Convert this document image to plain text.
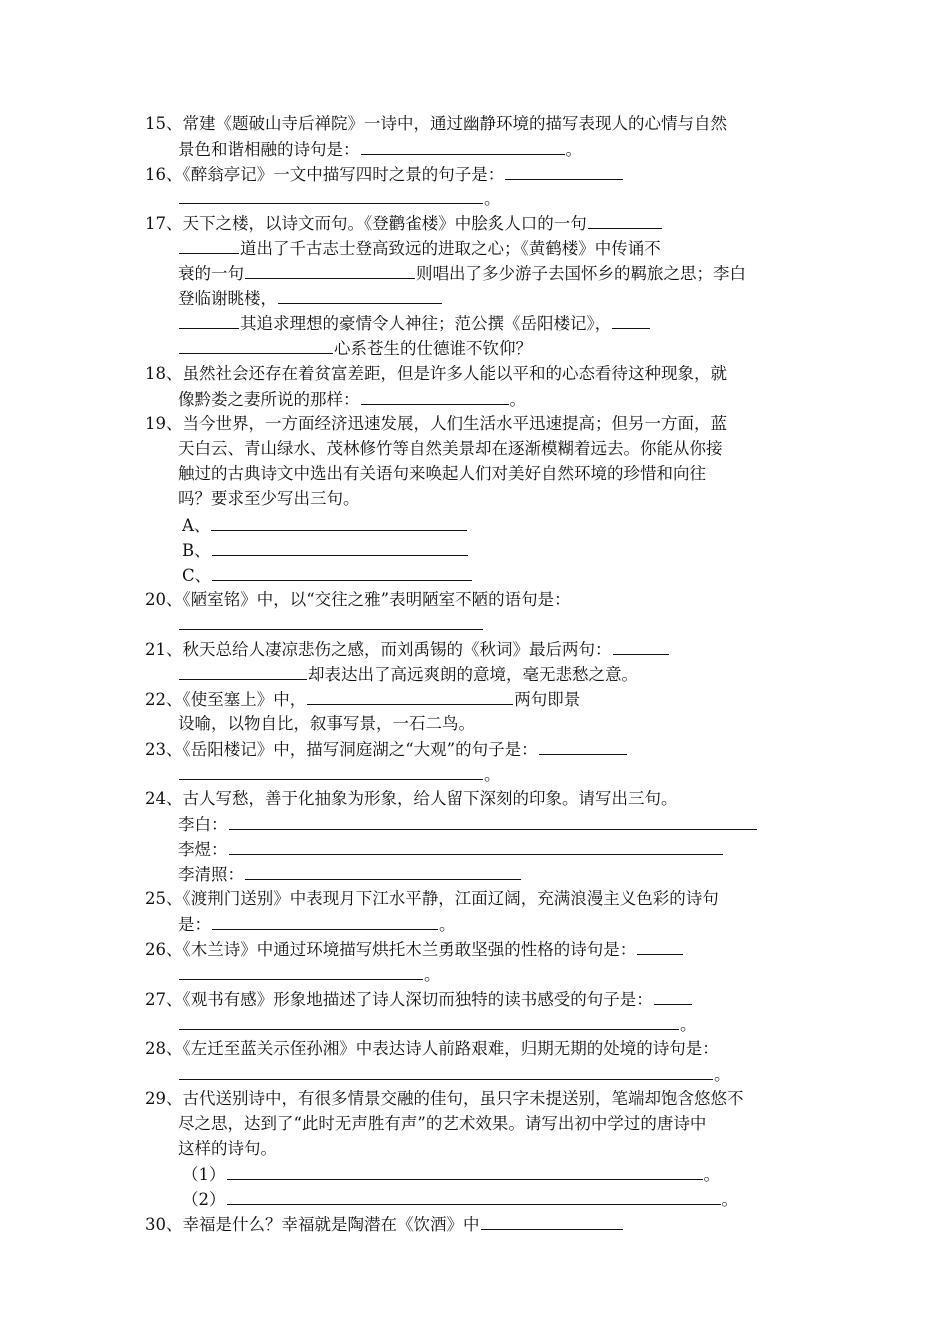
15、常建《题破山寺后禅院》一诗中，通过幽静环境的描写表现人的心情与自然
景色和谐相融的诗句是：	。
16、《醉翁亭记》一文中描写四时之景的句子是：
。
17、天下之楼，以诗文而句。《登鹳雀楼》中脍炙人口的一句
道出了千古志士登高致远的进取之心；《黄鹤楼》中传诵不
衰的一句	则唱出了多少游子去国怀乡的羁旅之思；李白
登临谢眺楼，
其追求理想的豪情令人神往；范公撰《岳阳楼记》，
心系苍生的仕德谁不钦仰？
18、虽然社会还存在着贫富差距，但是许多人能以平和的心态看待这种现象，就
像黔娄之妻所说的那样：	。
19、当今世界，一方面经济迅速发展，人们生活水平迅速提高；但另一方面，蓝
天白云、青山绿水、茂林修竹等自然美景却在逐渐模糊着远去。你能从你接
触过的古典诗文中选出有关语句来唤起人们对美好自然环境的珍惜和向往
吗？要求至少写出三句。
A、
B、
C、
20、《陋室铭》中，以“交往之雅”表明陋室不陋的语句是：
21、秋天总给人凄凉悲伤之感，而刘禹锡的《秋词》最后两句：
却表达出了高远爽朗的意境，毫无悲愁之意。
22、《使至塞上》中，	两句即景
设喻，以物自比，叙事写景，一石二鸟。
23、《岳阳楼记》中，描写洞庭湖之“大观”的句子是：
。
24、古人写愁，善于化抽象为形象，给人留下深刻的印象。请写出三句。
李白：
李煜：
李清照：
25、《渡荆门送别》中表现月下江水平静，江面辽阔，充满浪漫主义色彩的诗句
是：	。
26、《木兰诗》中通过环境描写烘托木兰勇敢坚强的性格的诗句是：
。
27、《观书有感》形象地描述了诗人深切而独特的读书感受的句子是：
。
28、《左迁至蓝关示侄孙湘》中表达诗人前路艰难，归期无期的处境的诗句是：
。
29、古代送别诗中，有很多情景交融的佳句，虽只字未提送别，笔端却饱含悠悠不
尽之思，达到了“此时无声胜有声”的艺术效果。请写出初中学过的唐诗中
这样的诗句。
（1）	。
（2）	。
30、幸福是什么？幸福就是陶潜在《饮酒》中
